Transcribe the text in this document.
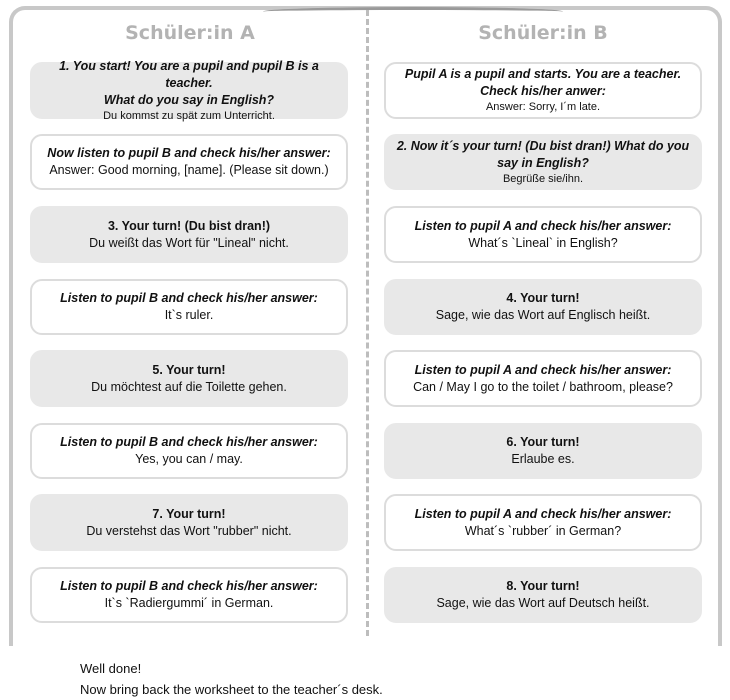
Schüler:in A	Schüler:in B
1. You start! You are a pupil and pupil B is a teacher.
What do you say in English?
Du kommst zu spät zum Unterricht.
Now listen to pupil B and check his/her answer:
Answer: Good morning, [name]. (Please sit down.)
3. Your turn! (Du bist dran!)
Du weißt das Wort für "Lineal" nicht.
Listen to pupil B and check his/her answer:
It`s ruler.
5. Your turn!
Du möchtest auf die Toilette gehen.
Listen to pupil B and check his/her answer:
Yes, you can / may.
7. Your turn!
Du verstehst das Wort "rubber" nicht.
Listen to pupil B and check his/her answer:
It`s `Radiergummi´ in German.
Pupil A is a pupil and starts. You are a teacher.
Check his/her anwer:
Answer: Sorry, I´m late.
2. Now it´s your turn! (Du bist dran!) What do you
say in English?
Begrüße sie/ihn.
Listen to pupil A and check his/her answer:
What´s `Lineal` in English?
4. Your turn!
Sage, wie das Wort auf Englisch heißt.
Listen to pupil A and check his/her answer:
Can / May I go to the toilet / bathroom, please?
6. Your turn!
Erlaube es.
Listen to pupil A and check his/her answer:
What´s `rubber´ in German?
8. Your turn!
Sage, wie das Wort auf Deutsch heißt.
Well done!
Now bring back the worksheet to the teacher´s desk.
